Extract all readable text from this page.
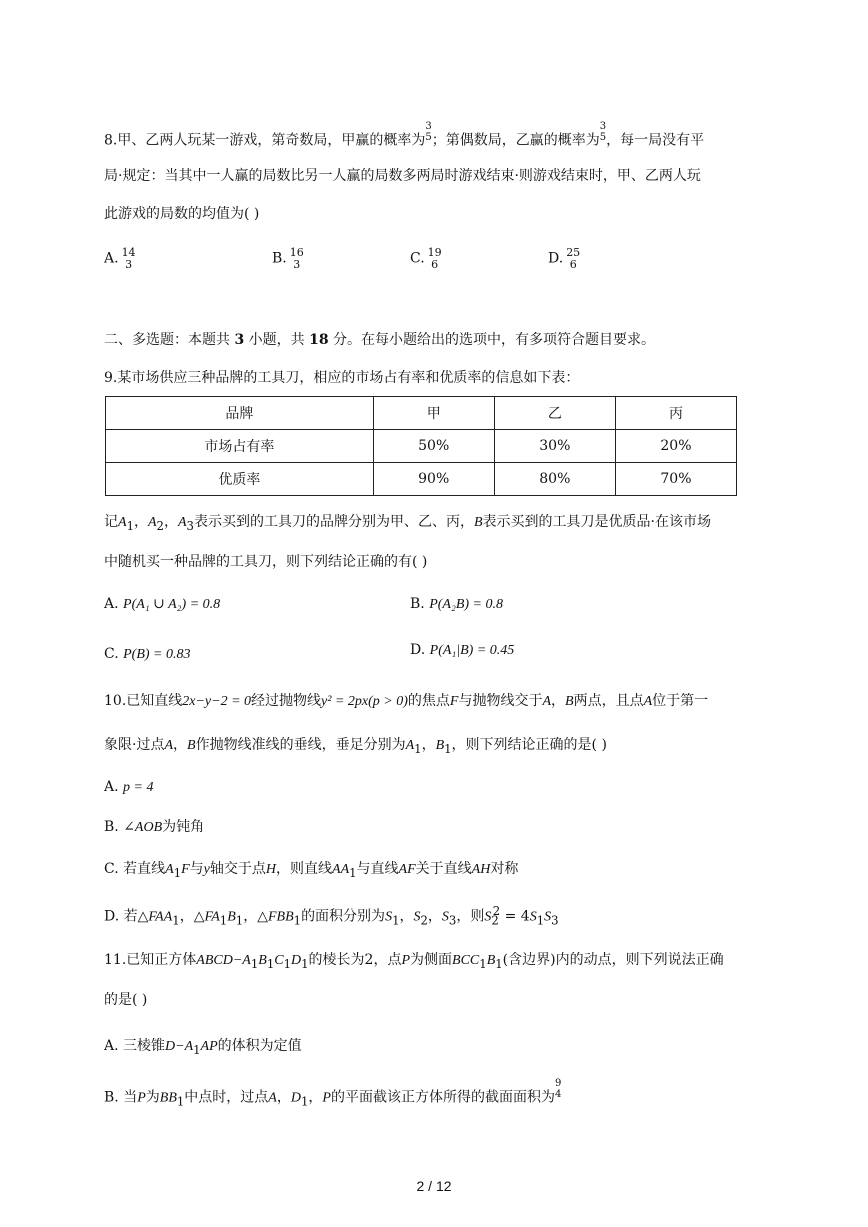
8.甲、乙两人玩某一游戏，第奇数局，甲赢的概率为
3
5 ；第偶数局，乙赢的概率为
3
5 ，每一局没有平
局·规定：当其中一人赢的局数比另一人赢的局数多两局时游戏结束·则游戏结束时，甲、乙两人玩
此游戏的局数的均值为( )
A. 14
3	B. 16
3	C. 19
6	D. 25
6
二、多选题：本题共 3 小题，共 18 分。在每小题给出的选项中，有多项符合题目要求。
9.某市场供应三种品牌的工具刀，相应的市场占有率和优质率的信息如下表：
品牌	甲	乙	丙
市场占有率	50%	30%	20%
优质率	90%	80%	70%
记$A_1$，$A_2$，$A_3$表示买到的工具刀的品牌分别为甲、乙、丙，B表示买到的工具刀是优质品·在该市场
中随机买一种品牌的工具刀，则下列结论正确的有( )
A. P(A₁ ∪ A₂) = 0.8	B. P(A₂B) = 0.8
C. P(B) = 0.83	D. P(A₁|B) = 0.45
10.已知直线2x−y−2 = 0经过抛物线y² = 2px(p > 0)的焦点F与抛物线交于A，B两点，且点A位于第一
象限·过点A，B作抛物线准线的垂线，垂足分别为$A_1$，$B_1$，则下列结论正确的是( )
A. p = 4
B. ∠AOB为钝角
C. 若直线$A_1F$与y轴交于点H，则直线$AA_1$与直线AF关于直线AH对称
D. 若$\triangle FAA_1$，$\triangle FA_1B_1$，$\triangle FBB_1$的面积分别为$S_1$，$S_2$，$S_3$，则$S_2^2 = 4S_1S_3$
11.已知正方体$ABCD-A_1B_1C_1D_1$的棱长为2，点P为侧面$BCC_1B_1$(含边界)内的动点，则下列说法正确
的是( )
A. 三棱锥$D-A_1AP$的体积为定值
B. 当P为$BB_1$中点时，过点A，$D_1$，P的平面截该正方体所得的截面面积为
9
4
2 / 12
